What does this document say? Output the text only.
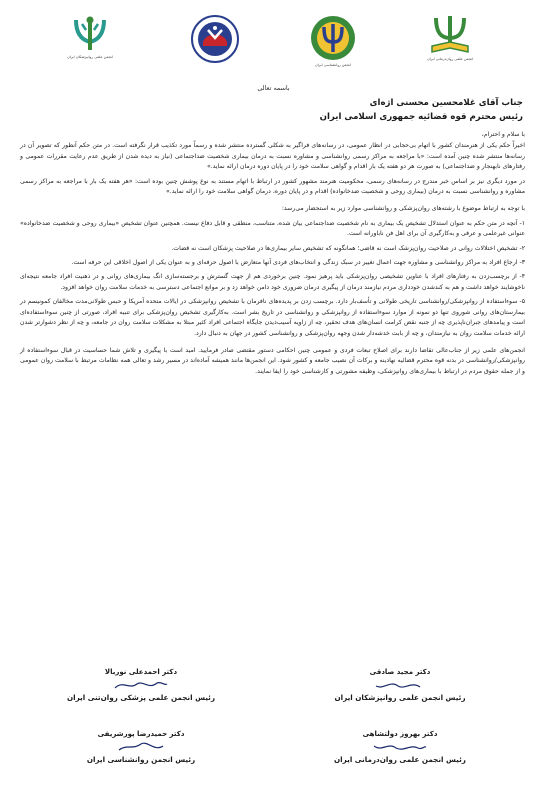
انجمن علمی روانپزشکان ایران
انجمن روانشناسی ایران
انجمن علمی روان‌درمانی ایران
باسمه تعالی
جناب آقای غلامحسین محسنی اژه‌ای
رئیس محترم قوه قضائیه جمهوری اسلامی ایران

با سلام و احترام،

اخیراً حکم یکی از هنرمندان کشور با اتهام بی‌حجابی در انظار عمومی، در رسانه‌های فراگیر به شکلی گسترده منتشر شده و رسماً مورد تکذیب قرار نگرفته است. در متن حکم آنطور که تصویر آن در رسانه‌ها منتشر شده چنین آمده است: «با مراجعه به مراکز رسمی روانشناسی و مشاوره نسبت به درمان بیماری شخصیت ضداجتماعی (نیاز به دیده شدن از طریق عدم رعایت مقررات عمومی و رفتارهای نابهنجار و ضداجتماعی) به صورت هر دو هفته یک بار اقدام و گواهی سلامت خود را در پایان دوره درمان ارائه نماید.»

در مورد دیگری نیز بر اساس خبر مندرج در رسانه‌های رسمی، محکومیت هنرمند مشهور کشور در ارتباط با اتهام مستند به نوع پوشش چنین بوده است: «هر هفته یک بار با مراجعه به مراکز رسمی مشاوره و روانشناسی نسبت به درمان (بیماری روحی و شخصیت ضدخانواده) اقدام و در پایان دوره، درمان گواهی سلامت خود را ارائه نماید.»

با توجه به ارتباط موضوع با رشته‌های روان‌پزشکی و روانشناسی موارد زیر به استحضار می‌رسد:

۱- آنچه در متن حکم به عنوان استدلال تشخیص یک بیماری به نام شخصیت ضداجتماعی بیان شده، متناسب، منطقی و قابل دفاع نیست. همچنین عنوان تشخیص «بیماری روحی و شخصیت ضدخانواده» عنوانی غیرعلمی و عرفی و به‌کارگیری آن برای اهل فن ناباورانه است.

۲- تشخیص اختلالات روانی در صلاحیت روان‌پزشک است نه قاضی؛ همانگونه که تشخیص سایر بیماری‌ها در صلاحیت پزشکان است نه قضات.

۳- ارجاع افراد به مراکز روانشناسی و مشاوره جهت اعمال تغییر در سبک زندگی و انتخاب‌های فردی آنها متعارض با اصول حرفه‌ای و به عنوان یکی از اصول اخلاقی این حرفه است.

۴- از برچسب‌زدن به رفتارهای افراد با عناوین تشخیصی روان‌پزشکی باید پرهیز نمود. چنین برخوردی هم از جهت گسترش و برجسته‌سازی انگ بیماری‌های روانی و در ذهنیت افراد جامعه نتیجه‌ای ناخوشایند خواهد داشت و هم به کندشدن خودداری مردم نیازمند درمان از پیگیری درمان ضروری خود دامن خواهد زد و بر موانع اجتماعی دسترسی به خدمات سلامت روان خواهد افزود.

۵- سوءاستفاده از روانپزشکی/روانشناسی تاریخی طولانی و تأسف‌بار دارد. برچسب زدن بر پدیده‌های نافرمان با تشخیص روانپزشکی در ایالات متحده آمریکا و حبس طولانی‌مدت مخالفان کمونیسم در بیمارستان‌های روانی شوروی تنها دو نمونه از موارد سوءاستفاده از روانپزشکی و روانشناسی در تاریخ بشر است. به‌کارگیری تشخیص روان‌پزشکی برای تنبیه افراد، صورتی از چنین سوءاستفاده‌ای است و پیامدهای جبران‌ناپذیری چه از جنبه نقض کرامت انسان‌های هدف تحقیر، چه از زاویه آسیب‌دیدن جایگاه اجتماعی افراد کثیر مبتلا به مشکلات سلامت روان در جامعه، و چه از نظر دشوارتر شدن ارائه خدمات سلامت روان به نیازمندان، و چه از بابت خدشه‌دار شدن وجهه روان‌پزشکی و روانشناسی کشور در جهان به دنبال دارد.

انجمن‌های علمی زیر از جناب‌عالی تقاضا دارند برای اصلاح تبعات فردی و عمومی چنین احکامی دستور مقتضی صادر فرمایید. امید است با پیگیری و تلاش شما حساسیت در قبال سوءاستفاده از روانپزشکی/روانشناسی در بدنه قوه محترم قضائیه نهادینه و برکات آن نصیب جامعه و کشور شود. این انجمن‌ها مانند همیشه آماده‌اند در مسیر رشد و تعالی همه نظامات مرتبط با سلامت روان عمومی و از جمله حقوق مردم در ارتباط با بیماری‌های روانپزشکی، وظیفه مشورتی و کارشناسی خود را ایفا نمایند.

دکتر احمدعلی نوربالا
رئیس انجمن علمی پزشکی روان‌تنی ایران
دکتر مجید صادقی
رئیس انجمن علمی روانپزشکان ایران
دکتر حمیدرضا پورشریفی
رئیس انجمن روانشناسی ایران
دکتر بهروز دولتشاهی
رئیس انجمن علمی روان‌درمانی ایران
